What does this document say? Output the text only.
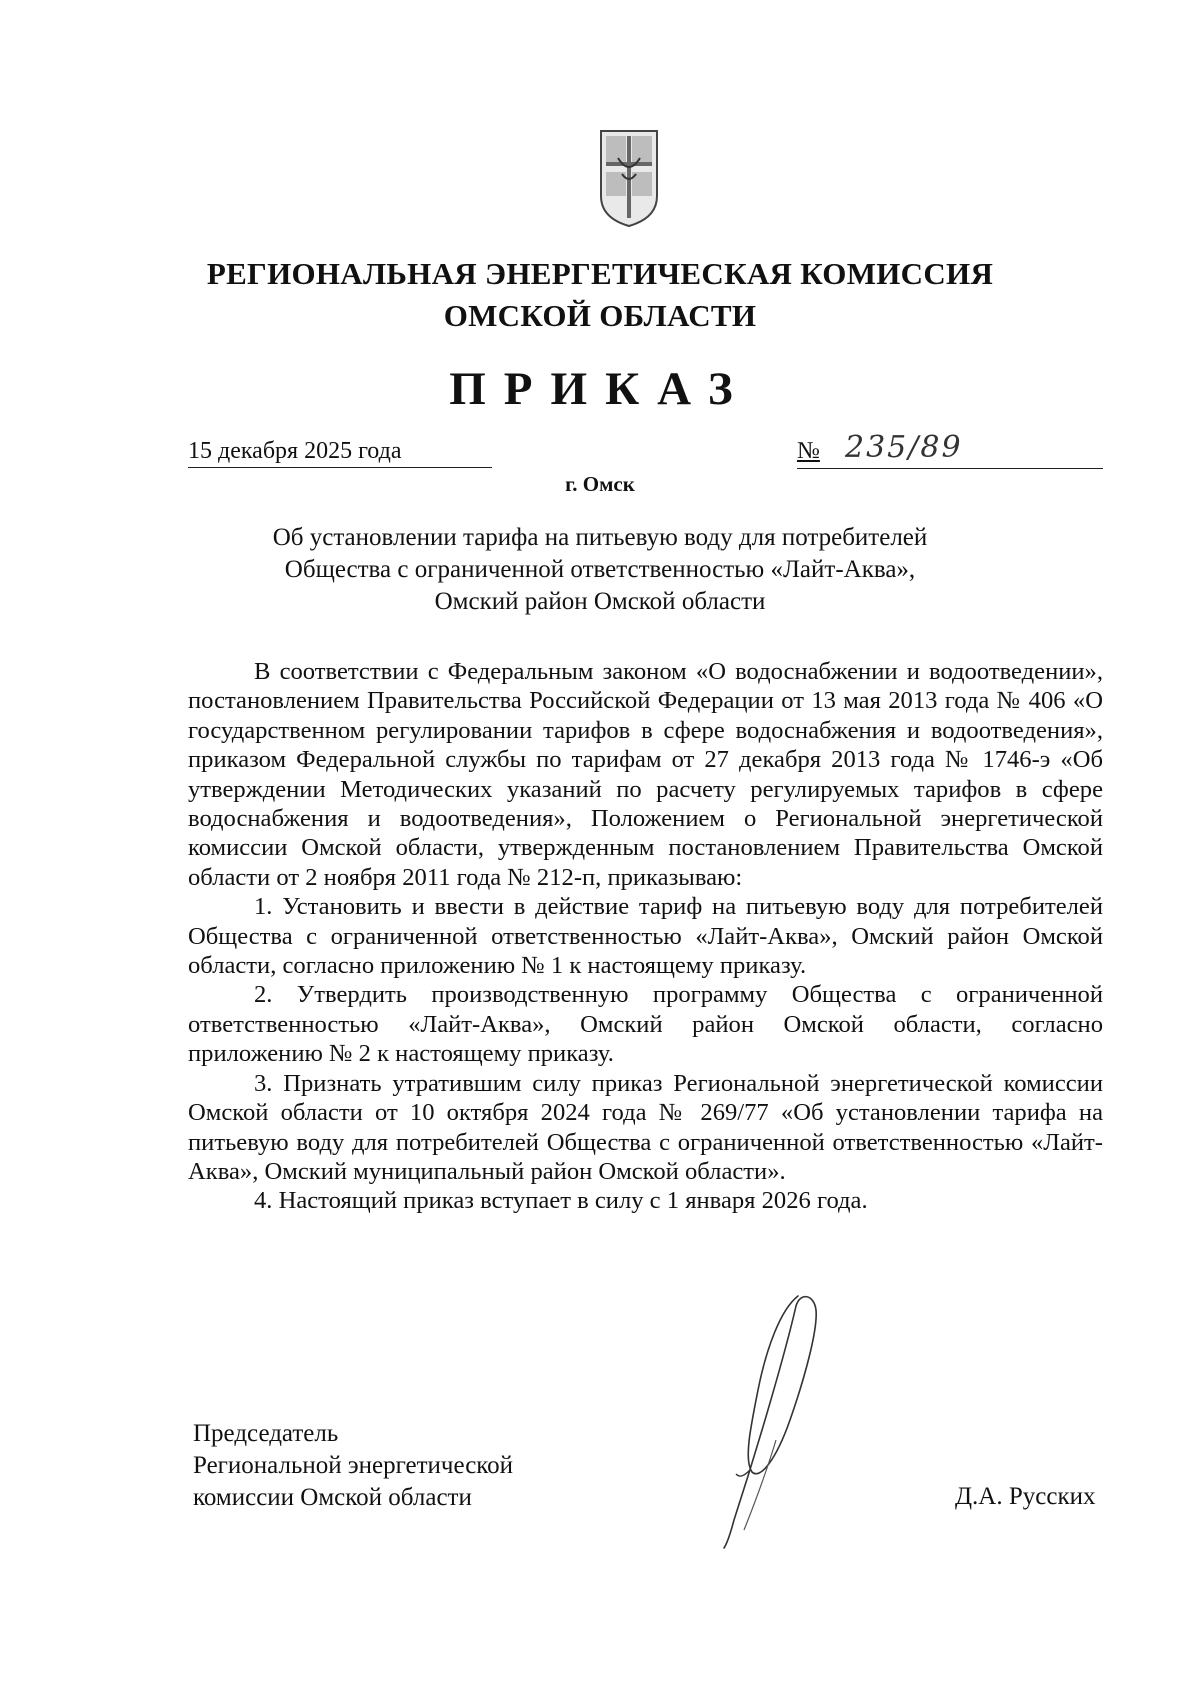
РЕГИОНАЛЬНАЯ ЭНЕРГЕТИЧЕСКАЯ КОМИССИЯ
ОМСКОЙ ОБЛАСТИ
ПРИКАЗ
15 декабря 2025 года	№ 235/89
г. Омск
Об установлении тарифа на питьевую воду для потребителей
Общества с ограниченной ответственностью «Лайт-Аква»,
Омский район Омской области

В соответствии с Федеральным законом «О водоснабжении и водоотведении», постановлением Правительства Российской Федерации от 13 мая 2013 года № 406 «О государственном регулировании тарифов в сфере водоснабжения и водоотведения», приказом Федеральной службы по тарифам от 27 декабря 2013 года № 1746-э «Об утверждении Методических указаний по расчету регулируемых тарифов в сфере водоснабжения и водоотведения», Положением о Региональной энергетической комиссии Омской области, утвержденным постановлением Правительства Омской области от 2 ноября 2011 года № 212-п, приказываю:

1. Установить и ввести в действие тариф на питьевую воду для потребителей Общества с ограниченной ответственностью «Лайт-Аква», Омский район Омской области, согласно приложению № 1 к настоящему приказу.

2. Утвердить производственную программу Общества с ограниченной ответственностью «Лайт-Аква», Омский район Омской области, согласно приложению № 2 к настоящему приказу.

3. Признать утратившим силу приказ Региональной энергетической комиссии Омской области от 10 октября 2024 года № 269/77 «Об установлении тарифа на питьевую воду для потребителей Общества с ограниченной ответственностью «Лайт-Аква», Омский муниципальный район Омской области».

4. Настоящий приказ вступает в силу с 1 января 2026 года.

Председатель
Региональной энергетической
комиссии Омской области	Д.А. Русских
